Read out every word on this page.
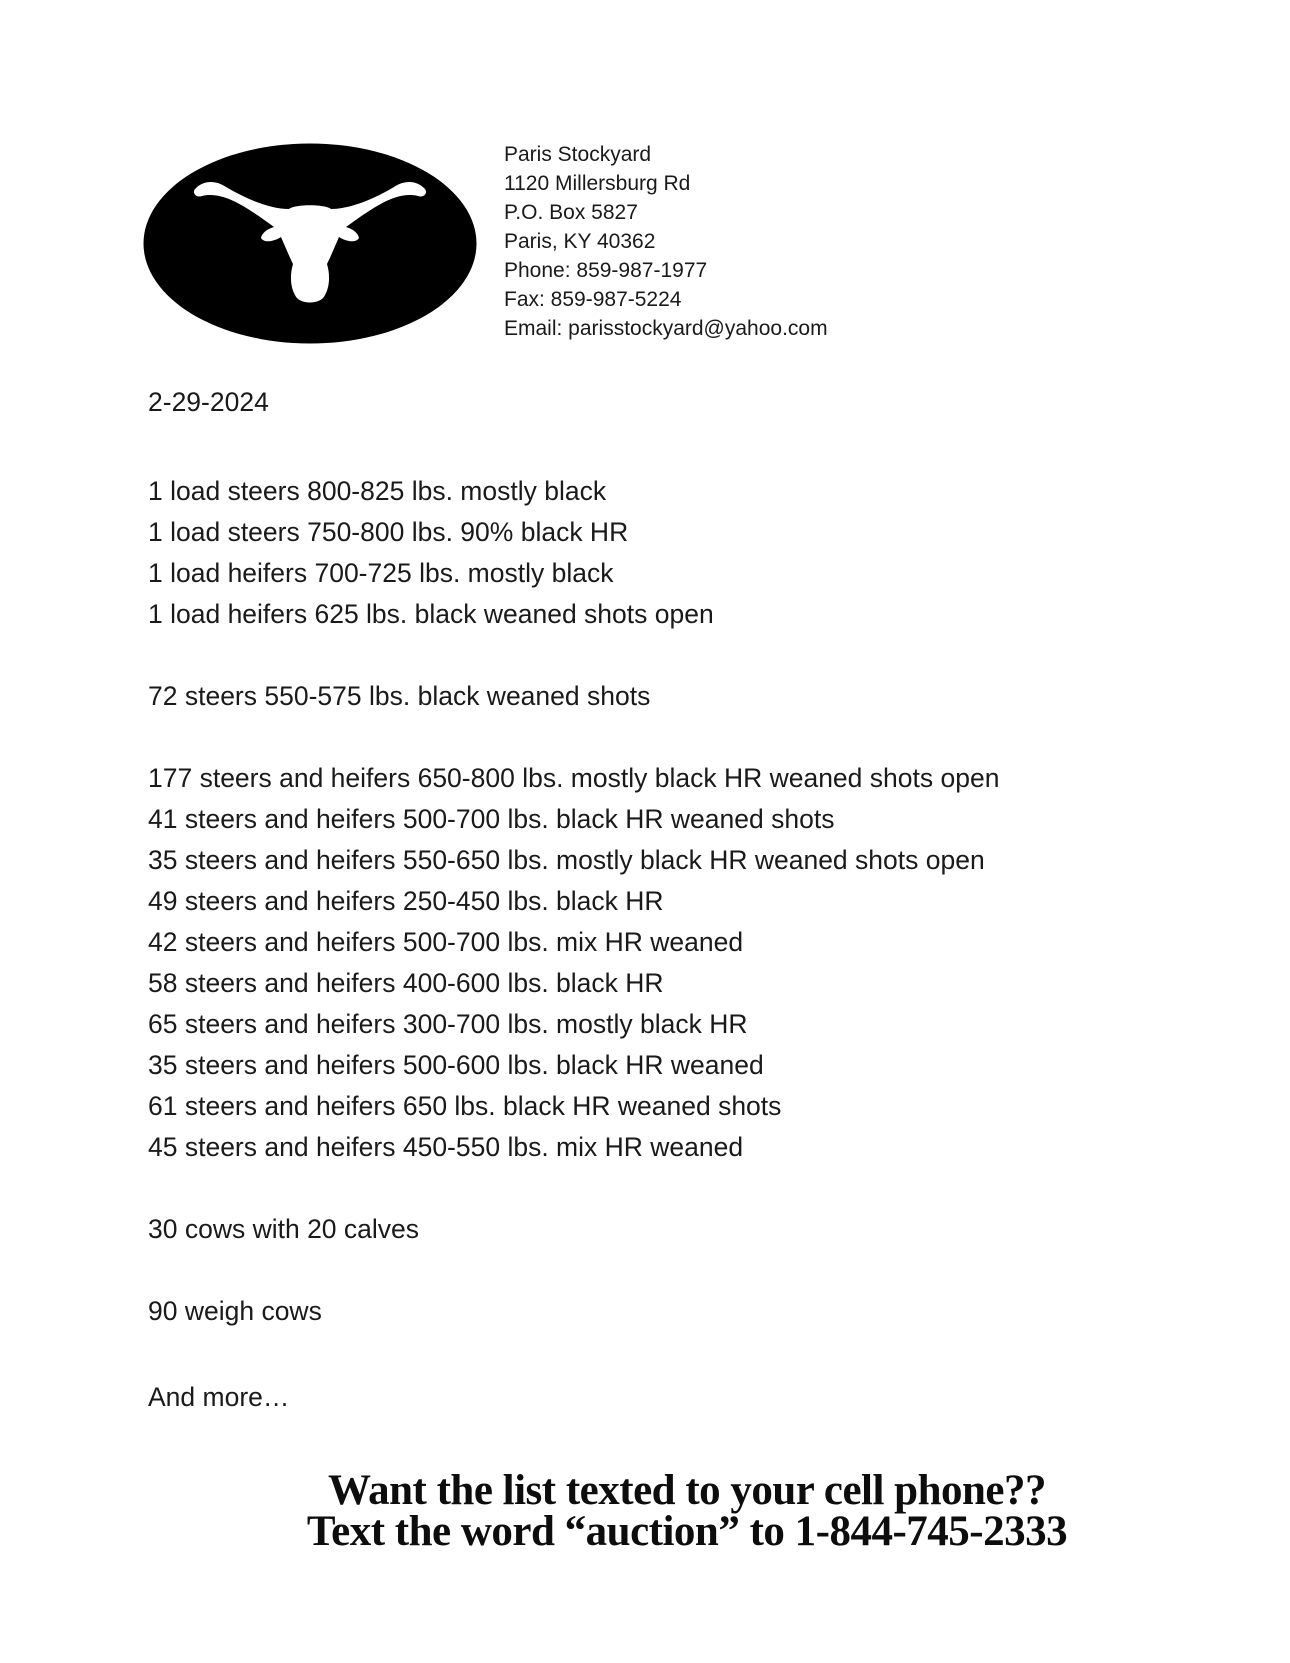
Paris Stockyard
1120 Millersburg Rd
P.O. Box 5827
Paris, KY 40362
Phone: 859-987-1977
Fax: 859-987-5224
Email: parisstockyard@yahoo.com
2-29-2024
1 load steers 800-825 lbs. mostly black
1 load steers 750-800 lbs. 90% black HR
1 load heifers 700-725 lbs. mostly black
1 load heifers 625 lbs. black weaned shots open
72 steers 550-575 lbs. black weaned shots
177 steers and heifers 650-800 lbs. mostly black HR weaned shots open
41 steers and heifers 500-700 lbs. black HR weaned shots
35 steers and heifers 550-650 lbs. mostly black HR weaned shots open
49 steers and heifers 250-450 lbs. black HR
42 steers and heifers 500-700 lbs. mix HR weaned
58 steers and heifers 400-600 lbs. black HR
65 steers and heifers 300-700 lbs. mostly black HR
35 steers and heifers 500-600 lbs. black HR weaned
61 steers and heifers 650 lbs. black HR weaned shots
45 steers and heifers 450-550 lbs. mix HR weaned
30 cows with 20 calves
90 weigh cows
And more…
Want the list texted to your cell phone??
Text the word “auction” to 1-844-745-2333
